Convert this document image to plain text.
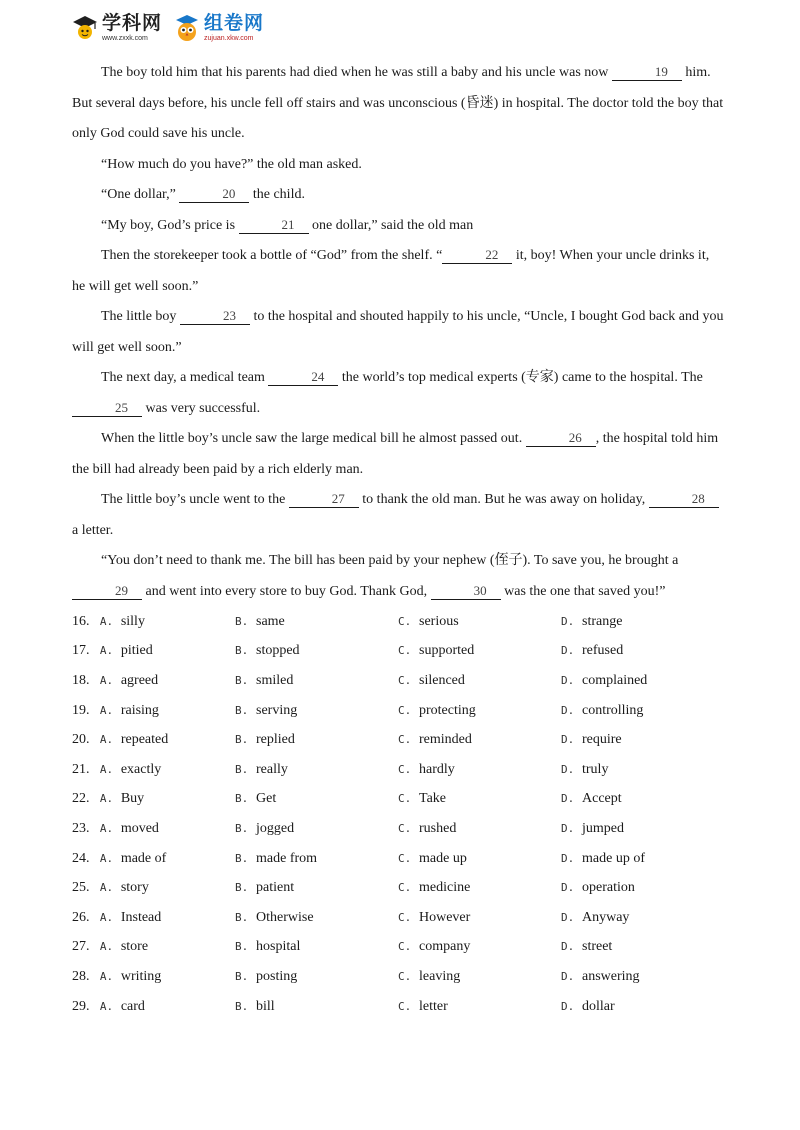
学科网
www.zxxk.com
组卷网
zujuan.xkw.com

The boy told him that his parents had died when he was still a baby and his uncle was now	19 him. But several days before, his uncle fell off stairs and was unconscious (昏迷) in hospital. The doctor told the boy that only God could save his uncle.

“How much do you have?” the old man asked.

“One dollar,”	20 the child.

“My boy, God’s price is	21 one dollar,” said the old man

Then the storekeeper took a bottle of “God” from the shelf. “	22 it, boy! When your uncle drinks it, he will get well soon.”

The little boy	23 to the hospital and shouted happily to his uncle, “Uncle, I bought God back and you will get well soon.”

The next day, a medical team	24 the world’s top medical experts (专家) came to the hospital. The 25 was very successful.

When the little boy’s uncle saw the large medical bill he almost passed out.	26 , the hospital told him the bill had already been paid by a rich elderly man.

The little boy’s uncle went to the	27 to thank the old man. But he was away on holiday,	28 a letter.

“You don’t need to thank me. The bill has been paid by your nephew (侄子). To save you, he brought a 29 and went into every store to buy God. Thank God,	30 was the one that saved you!”

16. A. silly	B. same	C. serious	D. strange
17. A. pitied	B. stopped	C. supported	D. refused
18. A. agreed	B. smiled	C. silenced	D. complained
19. A. raising	B. serving	C. protecting	D. controlling
20. A. repeated	B. replied	C. reminded	D. require
21. A. exactly	B. really	C. hardly	D. truly
22. A. Buy	B. Get	C. Take	D. Accept
23. A. moved	B. jogged	C. rushed	D. jumped
24. A. made of	B. made from	C. made up	D. made up of
25. A. story	B. patient	C. medicine	D. operation
26. A. Instead	B. Otherwise	C. However	D. Anyway
27. A. store	B. hospital	C. company	D. street
28. A. writing	B. posting	C. leaving	D. answering
29. A. card	B. bill	C. letter	D. dollar
